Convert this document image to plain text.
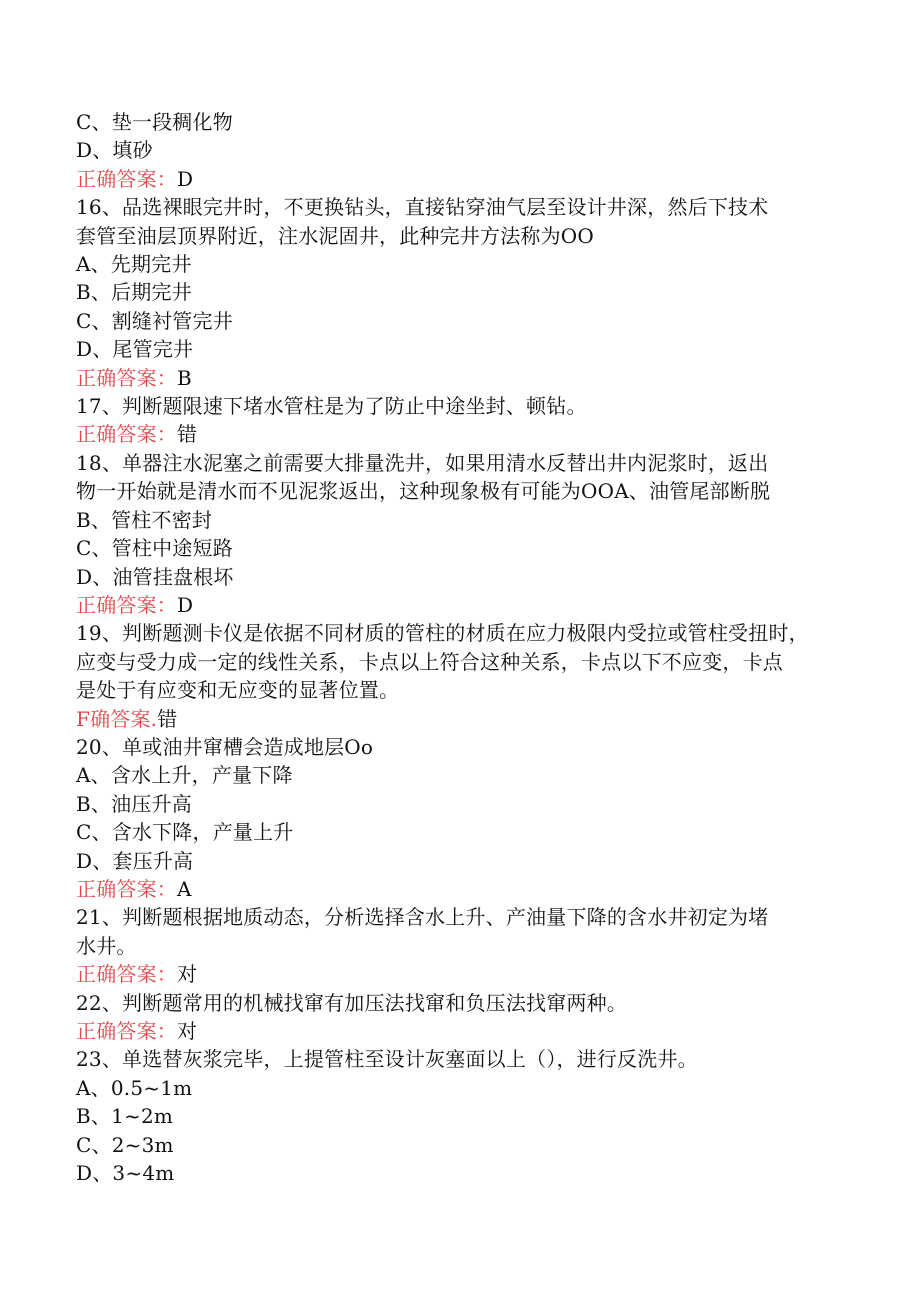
C、垫一段稠化物
D、填砂
正确答案：D
16、品选裸眼完井时，不更换钻头，直接钻穿油气层至设计井深，然后下技术
套管至油层顶界附近，注水泥固井，此种完井方法称为OO
A、先期完井
B、后期完井
C、割缝衬管完井
D、尾管完井
正确答案：B
17、判断题限速下堵水管柱是为了防止中途坐封、顿钻。
正确答案：错
18、单器注水泥塞之前需要大排量洗井，如果用清水反替出井内泥浆时，返出
物一开始就是清水而不见泥浆返出，这种现象极有可能为OOA、油管尾部断脱
B、管柱不密封
C、管柱中途短路
D、油管挂盘根坏
正确答案：D
19、判断题测卡仪是依据不同材质的管柱的材质在应力极限内受拉或管柱受扭时，
应变与受力成一定的线性关系，卡点以上符合这种关系，卡点以下不应变，卡点
是处于有应变和无应变的显著位置。
F确答案.错
20、单或油井窜槽会造成地层Oo
A、含水上升，产量下降
B、油压升高
C、含水下降，产量上升
D、套压升高
正确答案：A
21、判断题根据地质动态，分析选择含水上升、产油量下降的含水井初定为堵
水井。
正确答案：对
22、判断题常用的机械找窜有加压法找窜和负压法找窜两种。
正确答案：对
23、单选替灰浆完毕，上提管柱至设计灰塞面以上（），进行反洗井。
A、0.5~1m
B、1~2m
C、2~3m
D、3~4m
